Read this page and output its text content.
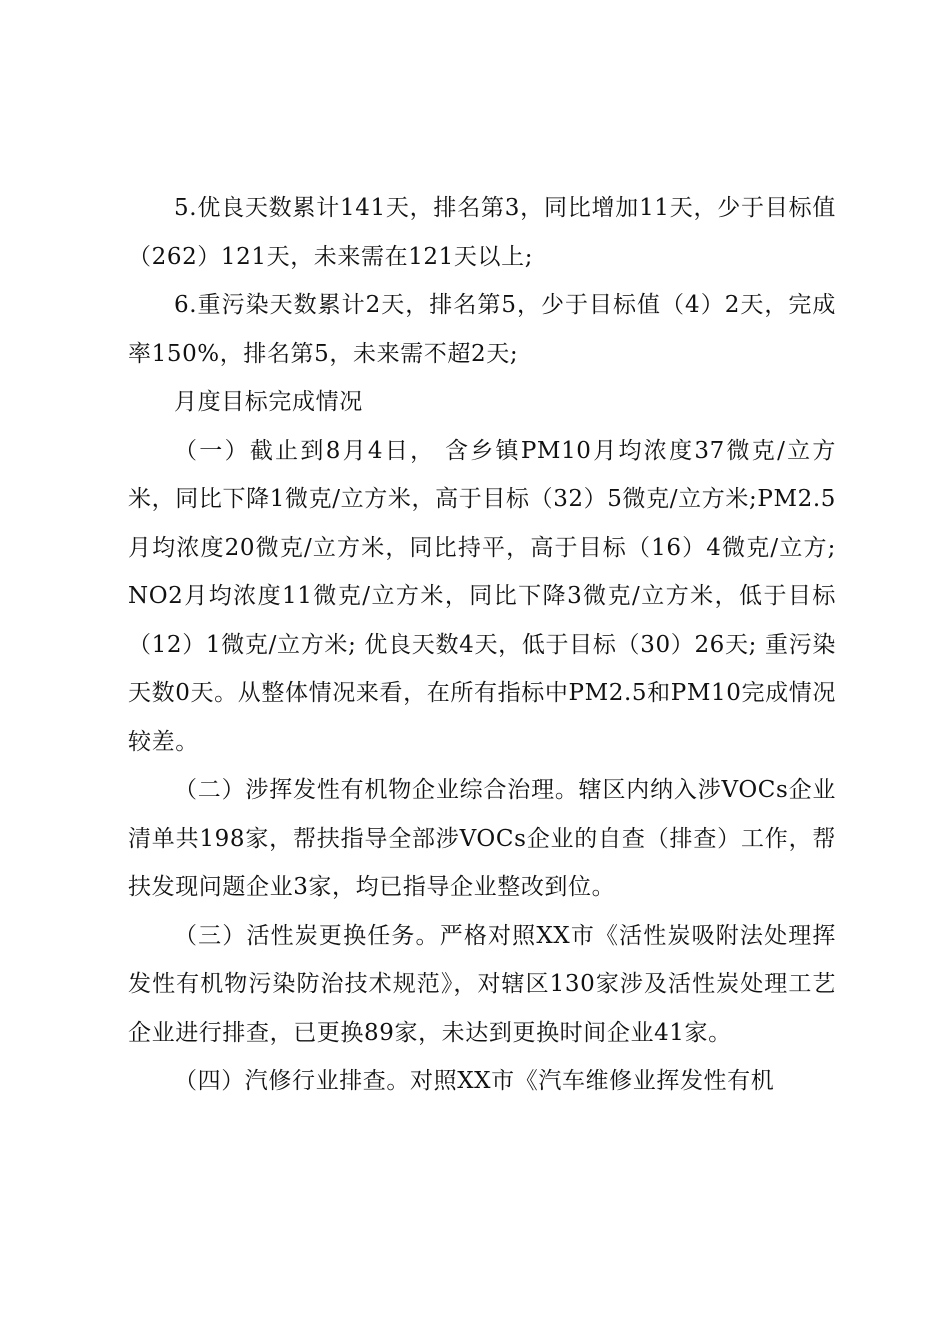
5.优良天数累计141天，排名第3，同比增加11天，少于目标值（262）121天，未来需在121天以上;

6.重污染天数累计2天，排名第5，少于目标值（4）2天，完成率150%，排名第5，未来需不超2天;

月度目标完成情况

（一）截止到8月4日， 含乡镇PM10月均浓度37微克/立方米，同比下降1微克/立方米，高于目标（32）5微克/立方米;PM2.5月均浓度20微克/立方米，同比持平，高于目标（16）4微克/立方; NO2月均浓度11微克/立方米，同比下降3微克/立方米，低于目标（12）1微克/立方米; 优良天数4天，低于目标（30）26天; 重污染天数0天。从整体情况来看，在所有指标中PM2.5和PM10完成情况较差。

（二）涉挥发性有机物企业综合治理。辖区内纳入涉VOCs企业清单共198家，帮扶指导全部涉VOCs企业的自查（排查）工作，帮扶发现问题企业3家，均已指导企业整改到位。

（三）活性炭更换任务。严格对照XX市《活性炭吸附法处理挥发性有机物污染防治技术规范》，对辖区130家涉及活性炭处理工艺企业进行排查，已更换89家，未达到更换时间企业41家。

（四）汽修行业排查。对照XX市《汽车维修业挥发性有机
